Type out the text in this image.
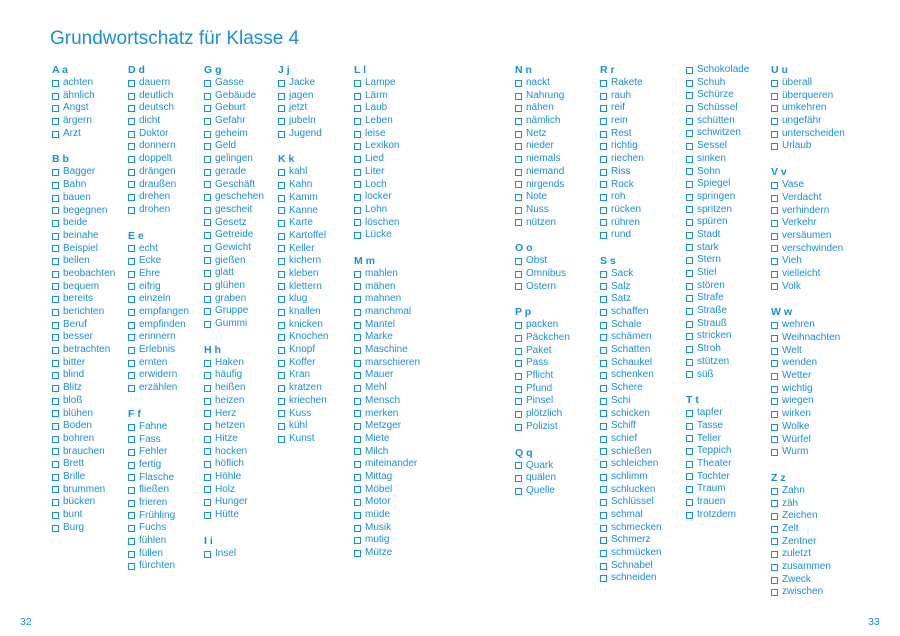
Grundwortschatz für Klasse 4
A a
achten
ähnlich
Angst
ärgern
Arzt
B b
Bagger
Bahn
bauen
begegnen
beide
beinahe
Beispiel
bellen
beobachten
bequem
bereits
berichten
Beruf
besser
betrachten
bitter
blind
Blitz
bloß
blühen
Boden
bohren
brauchen
Brett
Brille
brummen
bücken
bunt
Burg
D d
dauern
deutlich
deutsch
dicht
Doktor
donnern
doppelt
drängen
draußen
drehen
drohen
E e
echt
Ecke
Ehre
eifrig
einzeln
empfangen
empfinden
erinnern
Erlebnis
ernten
erwidern
erzählen
F f
Fahne
Fass
Fehler
fertig
Flasche
fließen
frieren
Frühling
Fuchs
fühlen
füllen
fürchten
G g
Gasse
Gebäude
Geburt
Gefahr
geheim
Geld
gelingen
gerade
Geschäft
geschehen
gescheit
Gesetz
Getreide
Gewicht
gießen
glatt
glühen
graben
Gruppe
Gummi
H h
Haken
häufig
heißen
heizen
Herz
hetzen
Hitze
hocken
höflich
Höhle
Holz
Hunger
Hütte
I i
Insel
J j
Jacke
jagen
jetzt
jubeln
Jugend
K k
kahl
Kahn
Kamm
Kanne
Karte
Kartoffel
Keller
kichern
kleben
klettern
klug
knallen
knicken
Knochen
Knopf
Koffer
Kran
kratzen
kriechen
Kuss
kühl
Kunst
L l
Lampe
Lärm
Laub
Leben
leise
Lexikon
Lied
Liter
Loch
locker
Lohn
löschen
Lücke
M m
mahlen
mähen
mahnen
manchmal
Mantel
Marke
Maschine
marschieren
Mauer
Mehl
Mensch
merken
Metzger
Miete
Milch
miteinander
Mittag
Möbel
Motor
müde
Musik
mutig
Mütze
N n
nackt
Nahrung
nähen
nämlich
Netz
nieder
niemals
niemand
nirgends
Note
Nuss
nützen
O o
Obst
Omnibus
Ostern
P p
packen
Päckchen
Paket
Pass
Pflicht
Pfund
Pinsel
plötzlich
Polizist
Q q
Quark
quälen
Quelle
R r
Rakete
rauh
reif
rein
Rest
richtig
riechen
Riss
Rock
roh
rücken
rühren
rund
S s
Sack
Salz
Satz
schaffen
Schale
schämen
Schatten
Schaukel
schenken
Schere
Schi
schicken
Schiff
schief
schießen
schleichen
schlimm
schlucken
Schlüssel
schmal
schmecken
Schmerz
schmücken
Schnabel
schneiden
Schokolade
Schuh
Schürze
Schüssel
schütten
schwitzen
Sessel
sinken
Sohn
Spiegel
springen
spritzen
spüren
Stadt
stark
Stern
Stiel
stören
Strafe
Straße
Strauß
stricken
Stroh
stützen
süß
T t
tapfer
Tasse
Teller
Teppich
Theater
Tochter
Traum
trauen
trotzdem
U u
überall
überqueren
umkehren
ungefähr
unterscheiden
Urlaub
V v
Vase
Verdacht
verhindern
Verkehr
versäumen
verschwinden
Vieh
vielleicht
Volk
W w
wehren
Weihnachten
Welt
wenden
Wetter
wichtig
wiegen
wirken
Wolke
Würfel
Wurm
Z z
Zahn
zäh
Zeichen
Zelt
Zentner
zuletzt
zusammen
Zweck
zwischen
32	33
